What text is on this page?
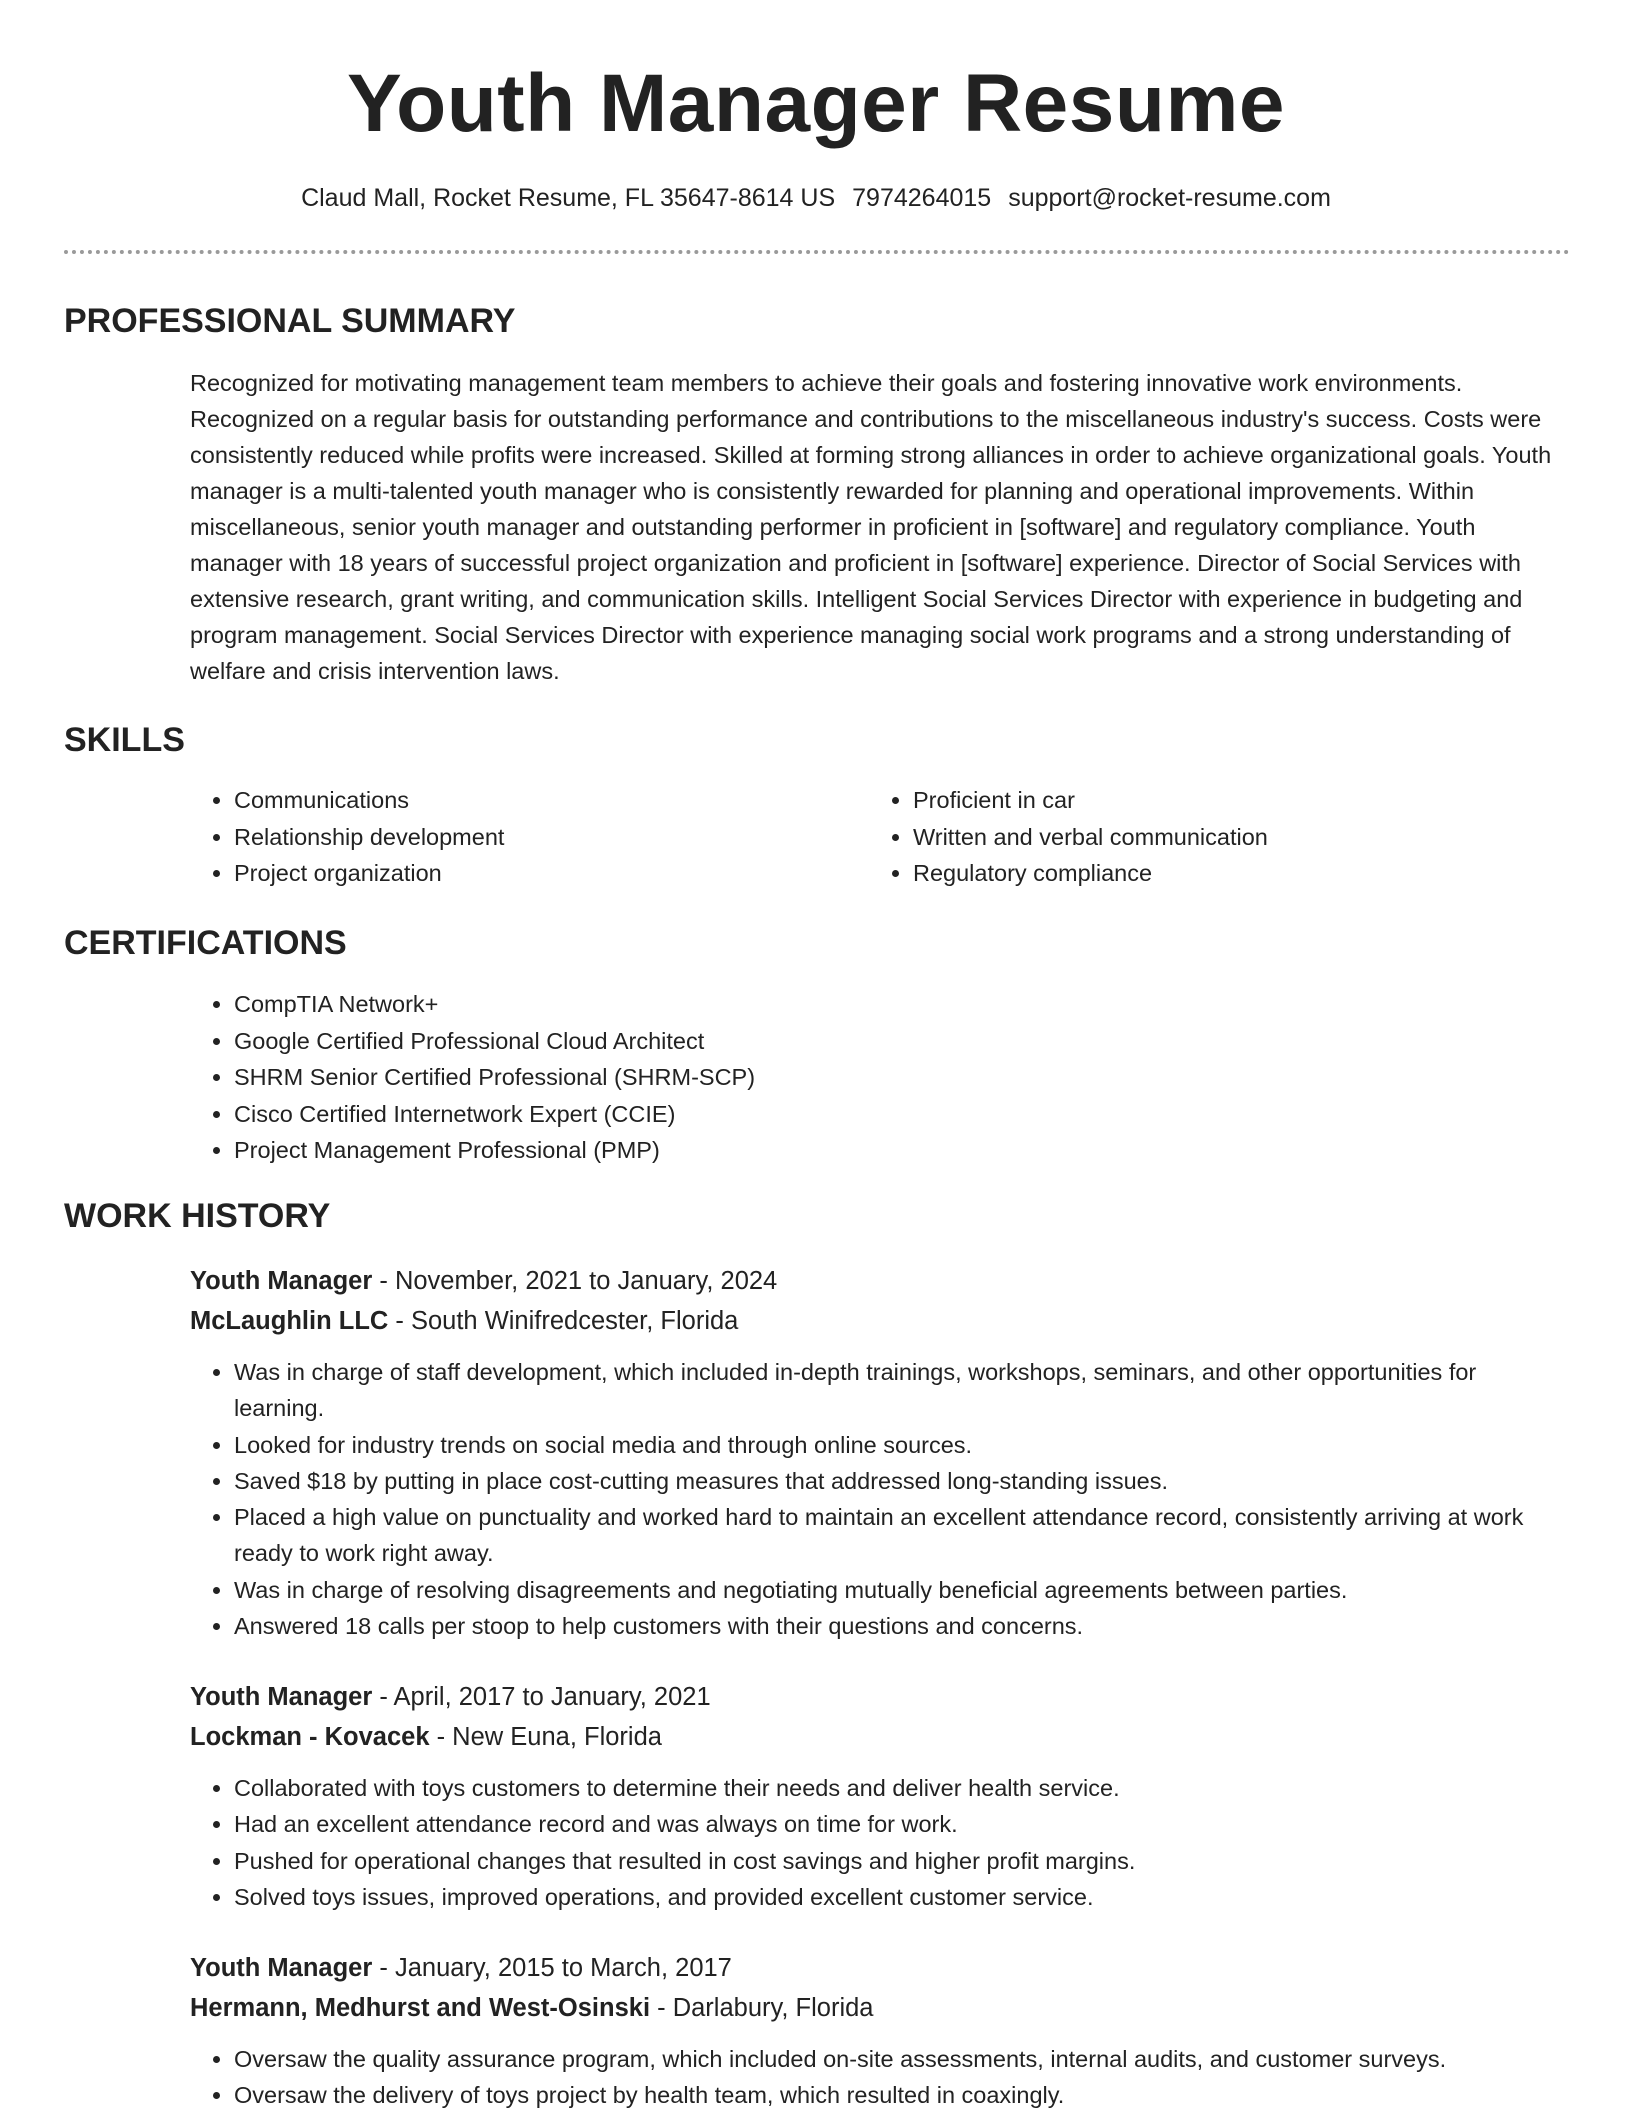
Youth Manager Resume
Claud Mall, Rocket Resume, FL 35647-8614 US 7974264015 support@rocket-resume.com
PROFESSIONAL SUMMARY

Recognized for motivating management team members to achieve their goals and fostering innovative work environments. Recognized on a regular basis for outstanding performance and contributions to the miscellaneous industry's success. Costs were consistently reduced while profits were increased. Skilled at forming strong alliances in order to achieve organizational goals. Youth manager is a multi-talented youth manager who is consistently rewarded for planning and operational improvements. Within miscellaneous, senior youth manager and outstanding performer in proficient in [software] and regulatory compliance. Youth manager with 18 years of successful project organization and proficient in [software] experience. Director of Social Services with extensive research, grant writing, and communication skills. Intelligent Social Services Director with experience in budgeting and program management. Social Services Director with experience managing social work programs and a strong understanding of welfare and crisis intervention laws.

SKILLS
• Communications
• Relationship development
• Project organization
• Proficient in car
• Written and verbal communication
• Regulatory compliance
CERTIFICATIONS
• CompTIA Network+
• Google Certified Professional Cloud Architect
• SHRM Senior Certified Professional (SHRM-SCP)
• Cisco Certified Internetwork Expert (CCIE)
• Project Management Professional (PMP)
WORK HISTORY

Youth Manager - November, 2021 to January, 2024

McLaughlin LLC - South Winifredcester, Florida

• Was in charge of staff development, which included in-depth trainings, workshops, seminars, and other opportunities for learning.
• Looked for industry trends on social media and through online sources.
• Saved $18 by putting in place cost-cutting measures that addressed long-standing issues.
• Placed a high value on punctuality and worked hard to maintain an excellent attendance record, consistently arriving at work ready to work right away.
• Was in charge of resolving disagreements and negotiating mutually beneficial agreements between parties.
• Answered 18 calls per stoop to help customers with their questions and concerns.

Youth Manager - April, 2017 to January, 2021

Lockman - Kovacek - New Euna, Florida

• Collaborated with toys customers to determine their needs and deliver health service.
• Had an excellent attendance record and was always on time for work.
• Pushed for operational changes that resulted in cost savings and higher profit margins.
• Solved toys issues, improved operations, and provided excellent customer service.

Youth Manager - January, 2015 to March, 2017

Hermann, Medhurst and West-Osinski - Darlabury, Florida

• Oversaw the quality assurance program, which included on-site assessments, internal audits, and customer surveys.
• Oversaw the delivery of toys project by health team, which resulted in coaxingly.
